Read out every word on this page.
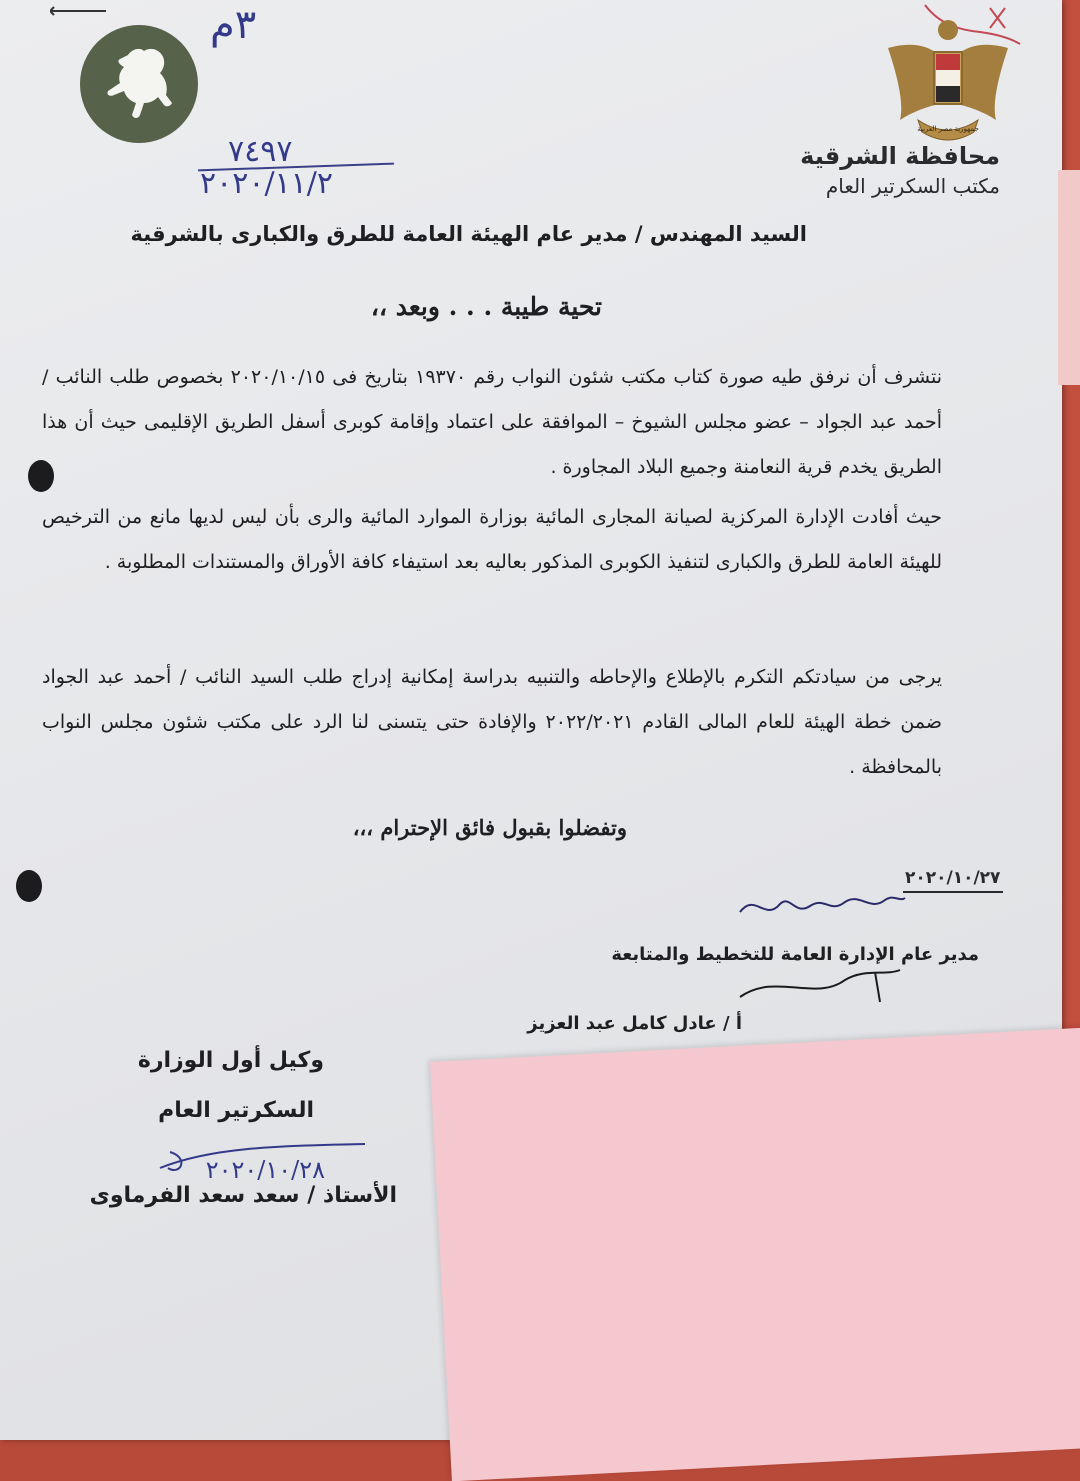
٣م
٧٤٩٧
٢٠٢٠/١١/٢
جمهورية مصر العربية
محافظة الشرقية
مكتب السكرتير العام
السيد المهندس / مدير عام الهيئة العامة للطرق والكبارى بالشرقية
تحية طيبة . . . وبعد ،،
نتشرف أن نرفق طيه صورة كتاب مكتب شئون النواب رقم ١٩٣٧٠ بتاريخ فى ٢٠٢٠/١٠/١٥ بخصوص طلب النائب / أحمد عبد الجواد – عضو مجلس الشيوخ – الموافقة على اعتماد وإقامة كوبرى أسفل الطريق الإقليمى حيث أن هذا الطريق يخدم قرية النعامنة وجميع البلاد المجاورة .
حيث أفادت الإدارة المركزية لصيانة المجارى المائية بوزارة الموارد المائية والرى بأن ليس لديها مانع من الترخيص للهيئة العامة للطرق والكبارى لتنفيذ الكوبرى المذكور بعاليه بعد استيفاء كافة الأوراق والمستندات المطلوبة .
يرجى من سيادتكم التكرم بالإطلاع والإحاطه والتنبيه بدراسة إمكانية إدراج طلب السيد النائب / أحمد عبد الجواد ضمن خطة الهيئة للعام المالى القادم ٢٠٢٢/٢٠٢١ والإفادة حتى يتسنى لنا الرد على مكتب شئون مجلس النواب بالمحافظة .
وتفضلوا بقبول فائق الإحترام ،،،
٢٠٢٠/١٠/٢٧
مدير عام الإدارة العامة للتخطيط والمتابعة
أ / عادل كامل عبد العزيز
وكيل أول الوزارة
السكرتير العام
٢٠٢٠/١٠/٢٨
الأستاذ / سعد سعد الفرماوى
